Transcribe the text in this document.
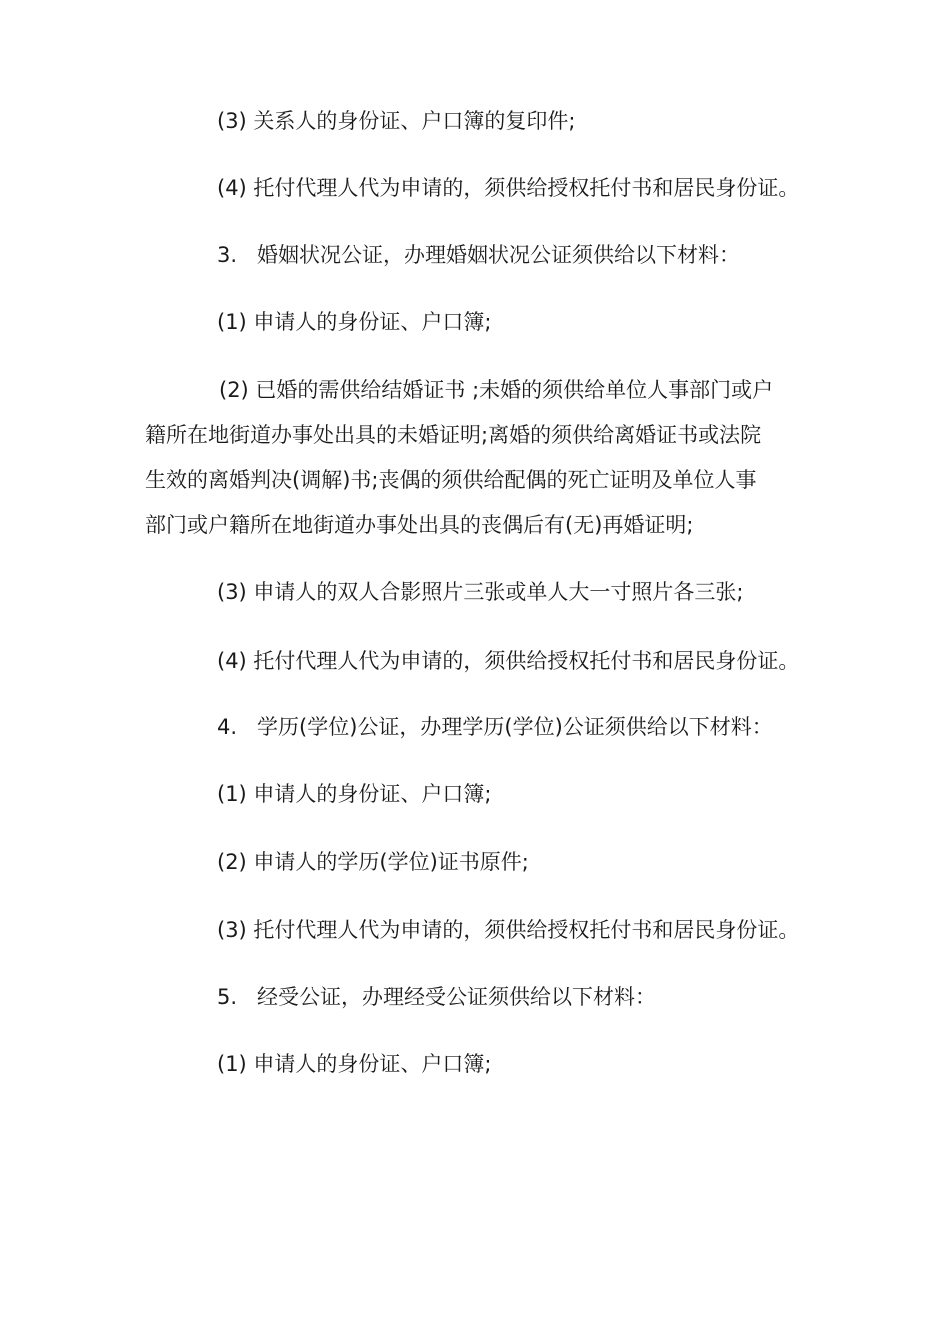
(3) 关系人的身份证、户口簿的复印件;
(4) 托付代理人代为申请的，须供给授权托付书和居民身份证。
3. 婚姻状况公证，办理婚姻状况公证须供给以下材料：
(1) 申请人的身份证、户口簿;
(2) 已婚的需供给结婚证书 ;未婚的须供给单位人事部门或户
籍所在地街道办事处出具的未婚证明;离婚的须供给离婚证书或法院
生效的离婚判决(调解)书;丧偶的须供给配偶的死亡证明及单位人事
部门或户籍所在地街道办事处出具的丧偶后有(无)再婚证明;
(3) 申请人的双人合影照片三张或单人大一寸照片各三张;
(4) 托付代理人代为申请的，须供给授权托付书和居民身份证。
4. 学历(学位)公证，办理学历(学位)公证须供给以下材料：
(1) 申请人的身份证、户口簿;
(2) 申请人的学历(学位)证书原件;
(3) 托付代理人代为申请的，须供给授权托付书和居民身份证。
5. 经受公证，办理经受公证须供给以下材料：
(1) 申请人的身份证、户口簿;
